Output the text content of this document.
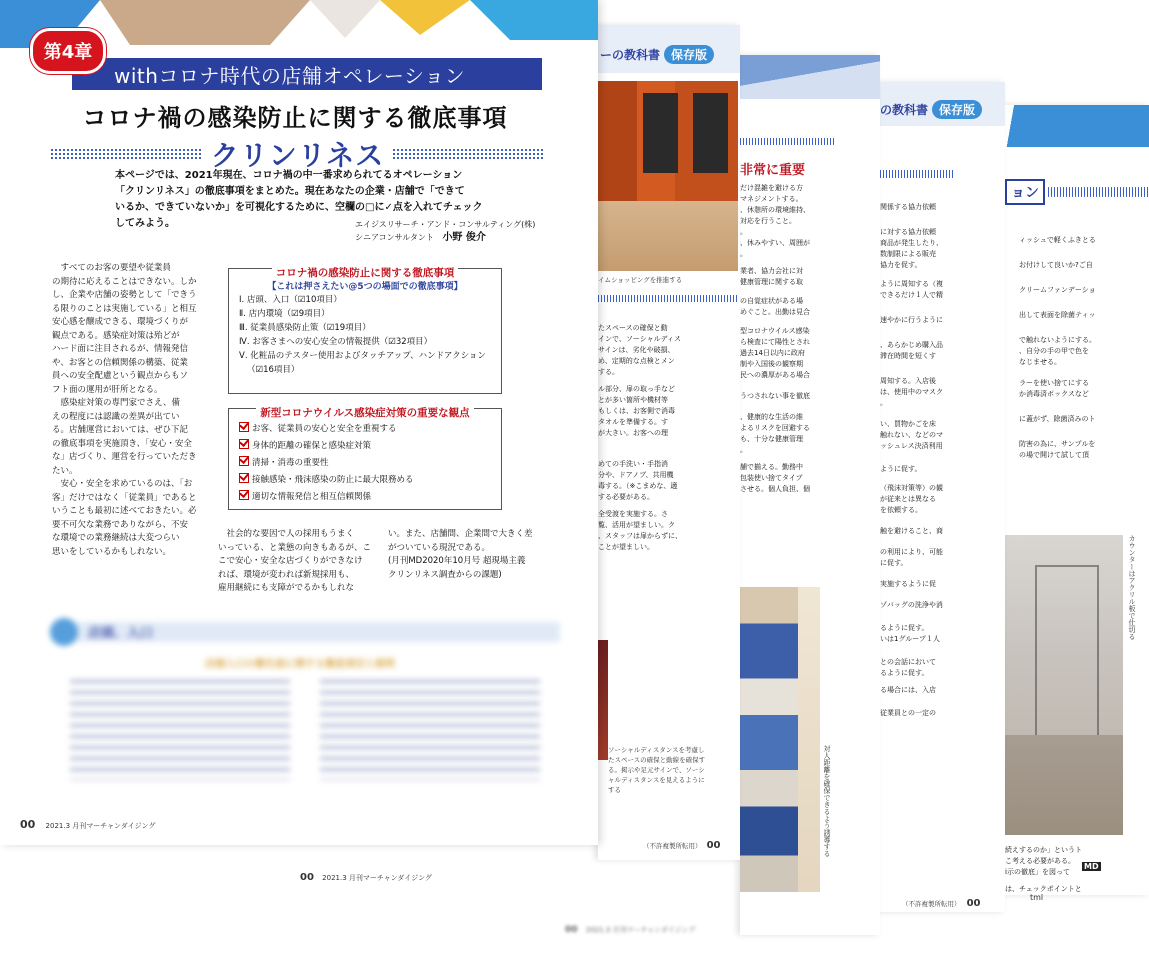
ョン
ィッシュで軽くふきとる
お付けして良いか?ご自
クリームファンデーショ
出して表面を除菌ティッ
で触れないようにする。
、自分の手の甲で色を
なじませる。
ラーを使い捨てにする
か消毒済ボックスなど
に蓋がず、除菌済みのト
防害の為に、サンプルを
の場で開けて試して頂
カウンターはアクリル板で仕切る
続えするのか」というト
こ考える必要がある。
i示の徹底」を図って
は、チェックポイントと
の教科書 保存版
関係する協力依頼
に対する協力依頼
商品が発生したり、
数制限による販売
協力を促す。
ように周知する（複
できるだけ１人で精
速やかに行うように
、あらかじめ購入品
滞在時間を短くす
周知する。入店後
は、使用中のマスク
。
い、買物かごを床
触れない、などのマ
ッシュレス決済利用
ように促す。
（飛沫対策等）の観
が従来とは異なる
を依頼する。
触を避けること、商
の利用により、可能
に促す。
実施するように促
ゾバッグの洗浄や消
るように促す。
いは1グループ１人
との会話において
るように促す。
る場合には、入店
従業員との一定の
（不許複製所転用） 00
非常に重要
だけ混雑を避ける方
マネジメントする。
、休憩所の環境維持、
対応を行うこと。
。
、休みやすい、周囲が
。
業者、協力会社に対
健康管理に関する取
の自覚症状がある場
めぐこと。出勤は見合
型コロナウイルス感染
ら検査にて陽性とされ
過去14日以内に政府
制や入国後の観察期
民への濃厚がある場合
うつされない事を徹底
、健康的な生活の維
よるリスクを回避する
も、十分な健康管理
。
舗で揃える。勤務中
包装使い捨てタイプ
させる。個人負担、個
対人距離を確保できるよう誘導する
ーの教科書 保存版
イムショッピングを推進する
たスペースの確保と動
インで、ソーシャルディス
サインは、劣化や破損、
め、定期的な点検とメン
する。
ル部分、扉の取っ手など
とが多い箇所や機材等
もしくは、お客側で消毒
タオルを準備する。す
が大きい。お客への理
めての手洗い・手指消
分や、ドアノブ、共用機
毒する。（※こまめな、適
する必要がある。
全受渡を実施する。さ
覧、活用が望ましい。ク
、スタッフは扉からずに、
ことが望ましい。
ソーシャルディスタンスを考慮したスペースの確保と動線を確保する。掲示や足元サインで、ソーシャルディスタンスを見えるようにする
（不許複製所転用） 00
00 2021.3 月刊マーチャンダイジング
tml
MD
00 2021.3 月刊マーチャンダイジング
withコロナ時代の店舗オペレーション
第4章
コロナ禍の感染防止に関する徹底事項
クリンリネス
本ページでは、2021年現在、コロナ禍の中一番求められてるオペレーション
「クリンリネス」の徹底事項をまとめた。現在あなたの企業・店舗で「できて
いるか、できていないか」を可視化するために、空欄の□に✓点を入れてチェック
してみよう。	エイジスリサーチ・アンド・コンサルティング(株)
シニアコンサルタント 小野 俊介
すべてのお客の要望や従業員
の期待に応えることはできない。しか
し、企業や店舗の姿勢として「できう
る限りのことは実施している」と相互
安心感を醸成できる、環境づくりが
観点である。感染症対策は殆どが
ハード面に注目されるが、情報発信
や、お客との信頼関係の構築、従業
員への安全配慮という観点からもソ
フト面の運用が肝所となる。
感染症対策の専門家でさえ、備
えの程度には認識の差異が出てい
る。店舗運営においては、ぜひ下記
の徹底事項を実施頂き、「安心・安全
な」店づくり、運営を行っていただき
たい。
安心・安全を求めているのは、「お
客」だけではなく「従業員」であると
いうことも最初に述べておきたい。必
要不可欠な業務でありながら、不安
な環境での業務継続は大変つらい
思いをしているかもしれない。
コロナ禍の感染防止に関する徹底事項
【これは押さえたい@5つの場面での徹底事項】
Ⅰ. 店頭、入口（☑10項目）
Ⅱ. 店内環境（☑9項目）
Ⅲ. 従業員感染防止策（☑19項目）
Ⅳ. お客さまへの安心安全の情報提供（☑32項目）
Ⅴ. 化粧品のテスター使用およびタッチアップ、ハンドアクション
（☑16項目）
新型コロナウイルス感染症対策の重要な観点
お客、従業員の安心と安全を重視する
身体的距離の確保と感染症対策
清掃・消毒の重要性
接触感染・飛沫感染の防止に最大限務める
適切な情報発信と相互信頼関係
社会的な要因で人の採用もうまく
いっている、と業態の向きもあるが、こ
こで安心・安全な店づくりができなけ
れば、環境が変われば新規採用も、
雇用継続にも支障がでるかもしれな
い。また、店舗間、企業間で大きく差
がついている現況である。
(月刊MD2020年10月号 超現場主義
クリンリネス調査からの課題)
店頭、入口
店頭入口の衛生面に関する徹底項目と説明
00 2021.3 月刊マーチャンダイジング
